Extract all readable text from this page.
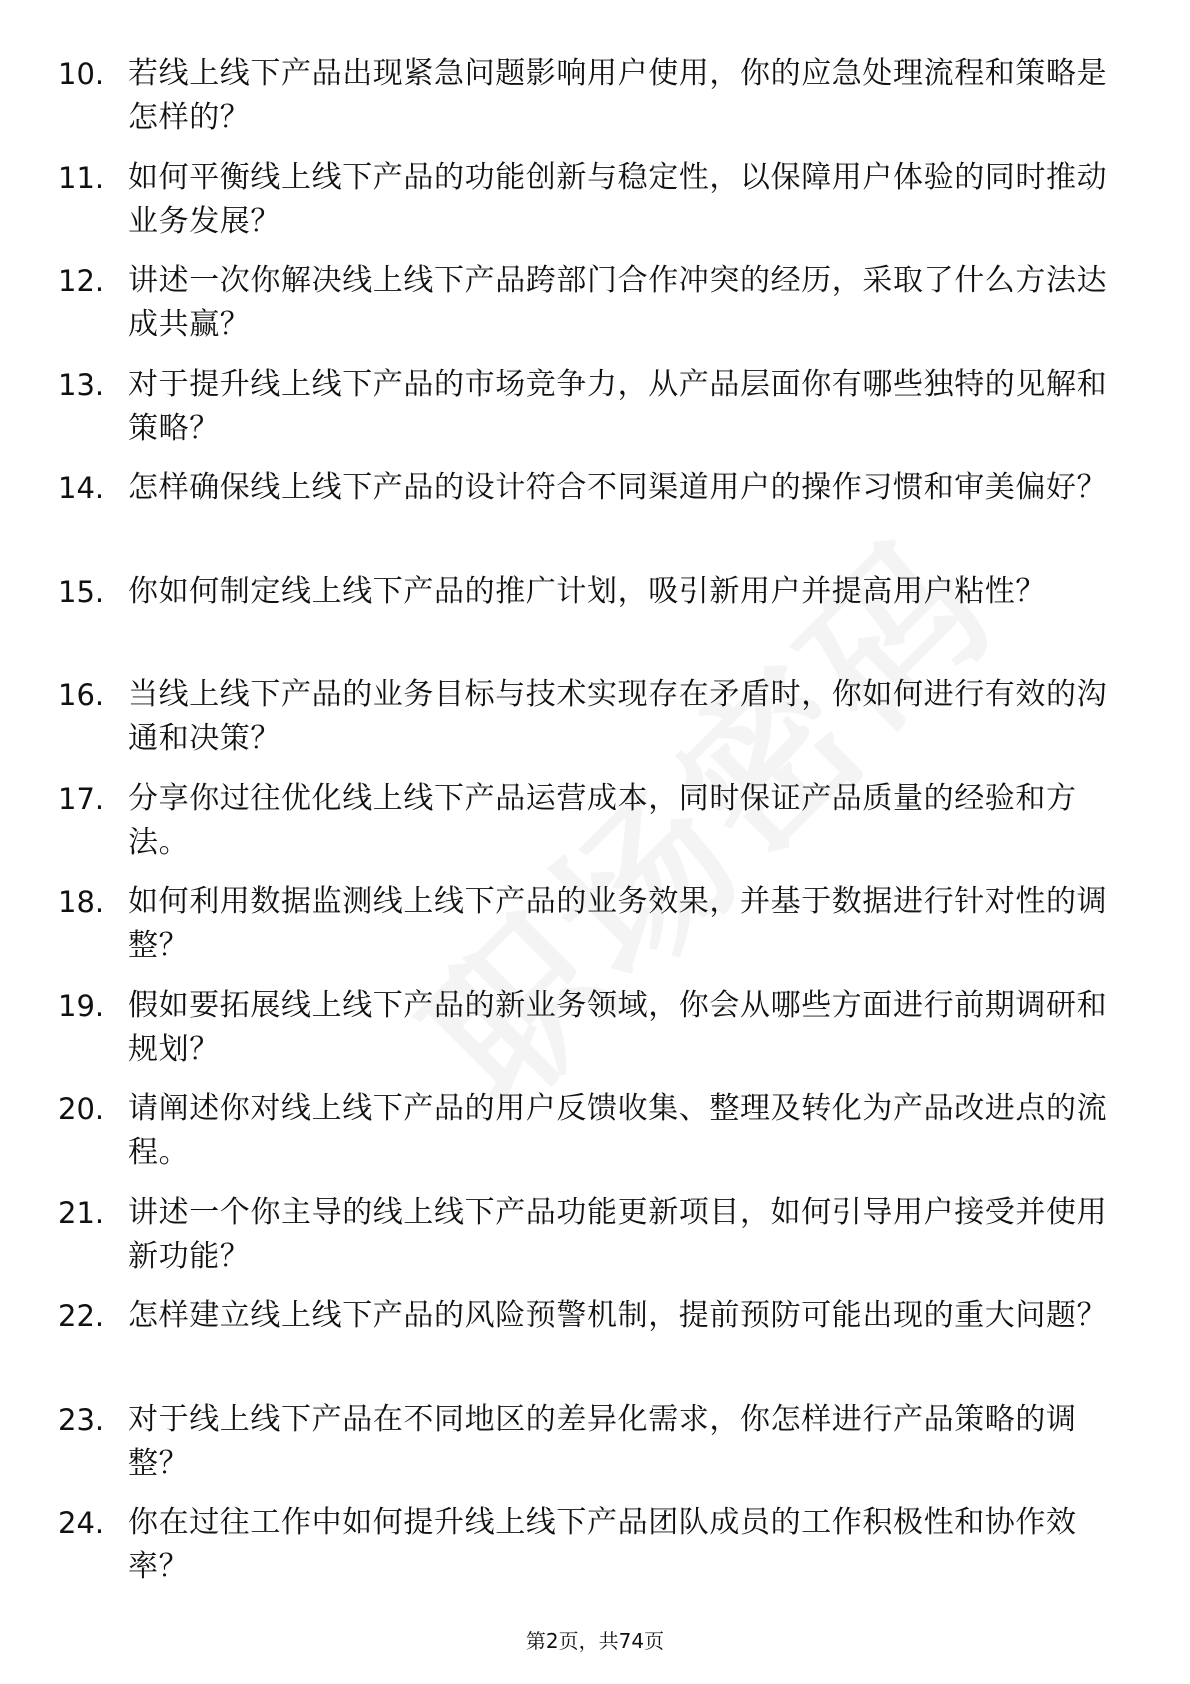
10. 若线上线下产品出现紧急问题影响用户使用，你的应急处理流程和策略是怎样的？
11. 如何平衡线上线下产品的功能创新与稳定性，以保障用户体验的同时推动业务发展？
12. 讲述一次你解决线上线下产品跨部门合作冲突的经历，采取了什么方法达成共赢？
13. 对于提升线上线下产品的市场竞争力，从产品层面你有哪些独特的见解和策略？
14. 怎样确保线上线下产品的设计符合不同渠道用户的操作习惯和审美偏好？
15. 你如何制定线上线下产品的推广计划，吸引新用户并提高用户粘性？
16. 当线上线下产品的业务目标与技术实现存在矛盾时，你如何进行有效的沟通和决策？
17. 分享你过往优化线上线下产品运营成本，同时保证产品质量的经验和方法。
18. 如何利用数据监测线上线下产品的业务效果，并基于数据进行针对性的调整？
19. 假如要拓展线上线下产品的新业务领域，你会从哪些方面进行前期调研和规划？
20. 请阐述你对线上线下产品的用户反馈收集、整理及转化为产品改进点的流程。
21. 讲述一个你主导的线上线下产品功能更新项目，如何引导用户接受并使用新功能？
22. 怎样建立线上线下产品的风险预警机制，提前预防可能出现的重大问题？
23. 对于线上线下产品在不同地区的差异化需求，你怎样进行产品策略的调整？
24. 你在过往工作中如何提升线上线下产品团队成员的工作积极性和协作效率？
第2页，共74页
